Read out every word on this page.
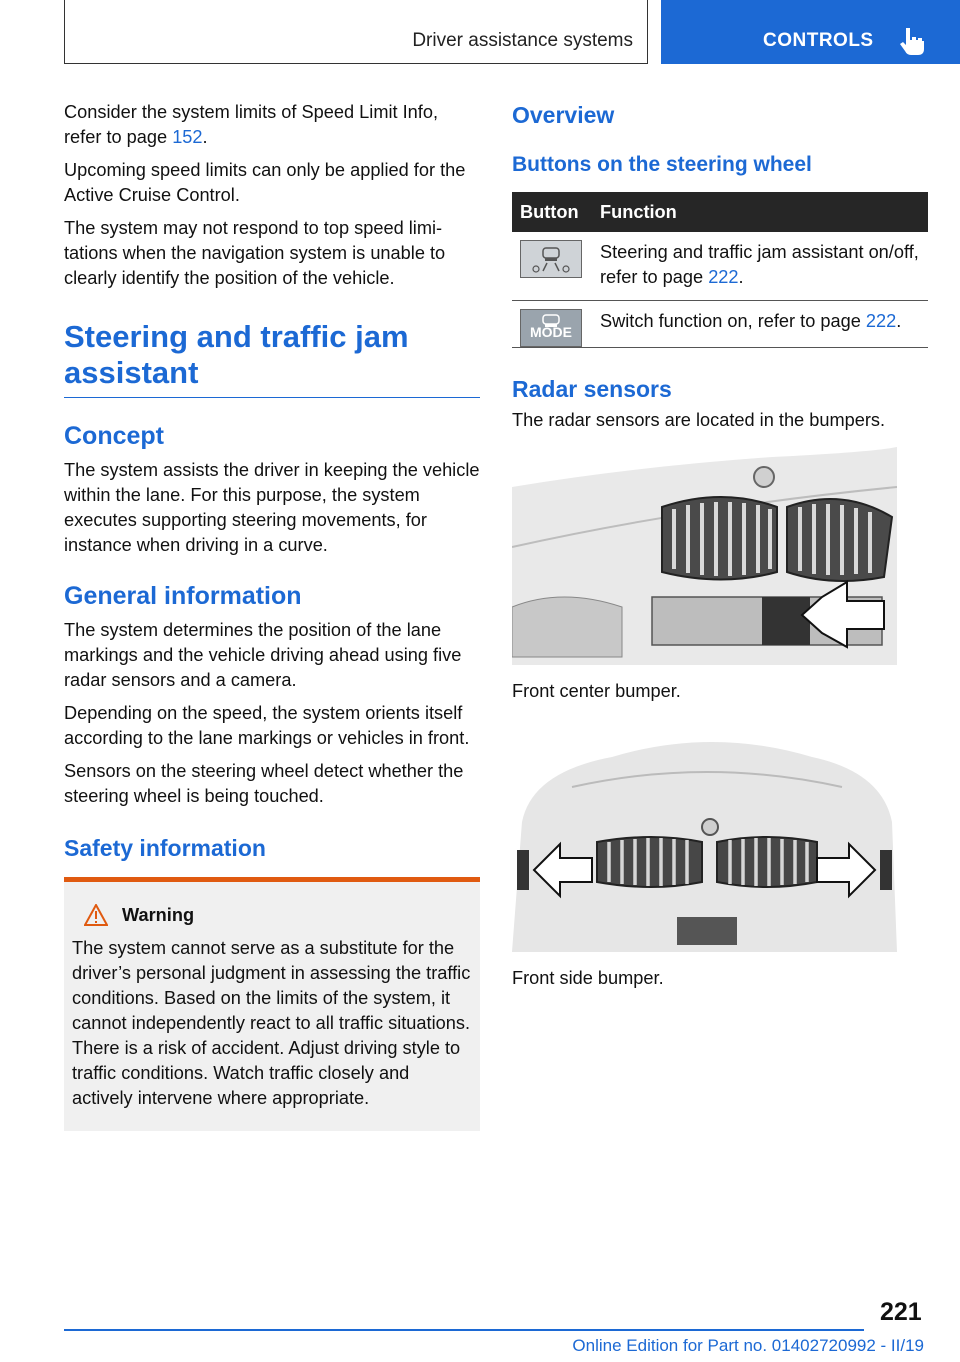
Driver assistance systems	CONTROLS

Consider the system limits of Speed Limit Info, refer to page 152.

Upcoming speed limits can only be applied for the Active Cruise Control.

The system may not respond to top speed limitations when the navigation system is unable to clearly identify the position of the vehicle.

Steering and traffic jam assistant
Concept

The system assists the driver in keeping the vehicle within the lane. For this purpose, the system executes supporting steering movements, for instance when driving in a curve.

General information

The system determines the position of the lane markings and the vehicle driving ahead using five radar sensors and a camera.

Depending on the speed, the system orients itself according to the lane markings or vehicles in front.

Sensors on the steering wheel detect whether the steering wheel is being touched.

Safety information
Warning

The system cannot serve as a substitute for the driver’s personal judgment in assessing the traffic conditions. Based on the limits of the system, it cannot independently react to all traffic situations. There is a risk of accident. Adjust driving style to traffic conditions. Watch traffic closely and actively intervene where appropriate.

Overview
Buttons on the steering wheel
Button	Function

	Steering and traffic jam assistant on/off, refer to page 222.

MODE	Switch function on, refer to page 222.
Radar sensors

The radar sensors are located in the bumpers.

Front center bumper.

Front side bumper.

221
Online Edition for Part no. 01402720992 - II/19
